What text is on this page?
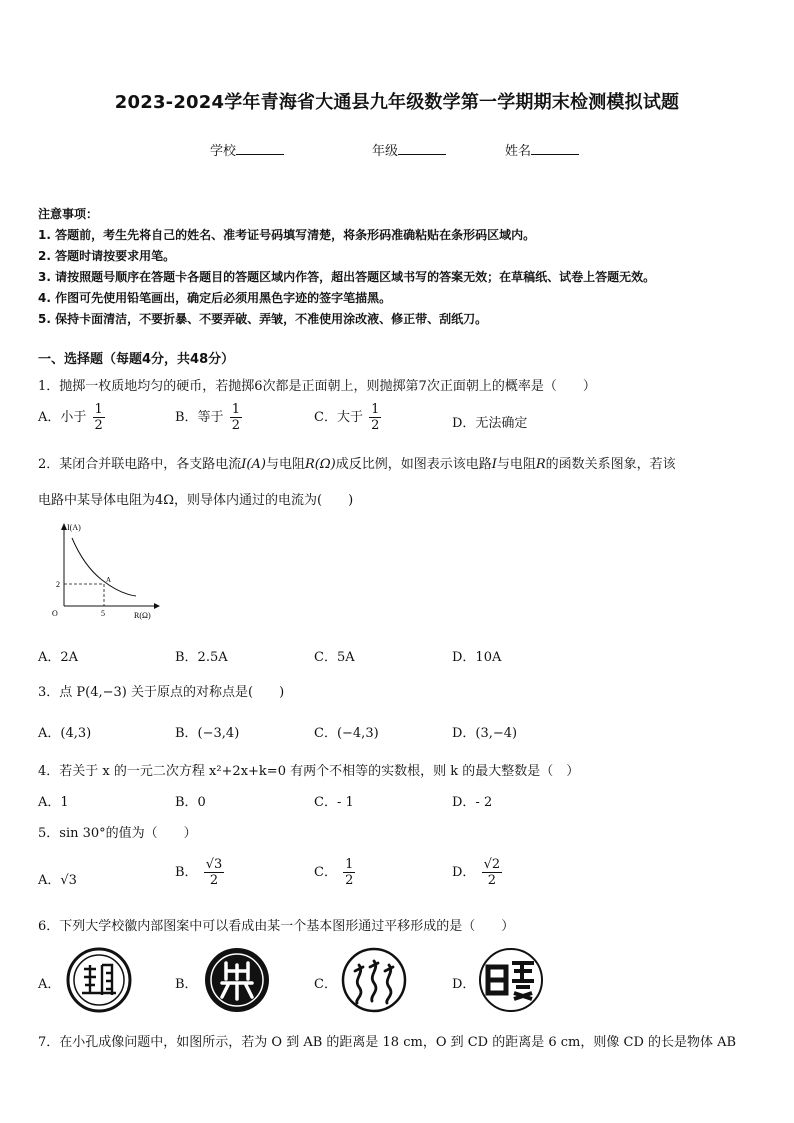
2023-2024学年青海省大通县九年级数学第一学期期末检测模拟试题
学校	年级	姓名
注意事项：
1. 答题前，考生先将自己的姓名、准考证号码填写清楚，将条形码准确粘贴在条形码区域内。
2. 答题时请按要求用笔。
3. 请按照题号顺序在答题卡各题目的答题区域内作答，超出答题区域书写的答案无效；在草稿纸、试卷上答题无效。
4. 作图可先使用铅笔画出，确定后必须用黑色字迹的签字笔描黑。
5. 保持卡面清洁，不要折暴、不要弄破、弄皱，不准使用涂改液、修正带、刮纸刀。
一、选择题（每题4分，共48分）
1．抛掷一枚质地均匀的硬币，若抛掷6次都是正面朝上，则抛掷第7次正面朝上的概率是（　　）
A．小于 $\frac{1}{2}$	B．等于 $\frac{1}{2}$	C．大于 $\frac{1}{2}$	D．无法确定
2．某闭合并联电路中，各支路电流I(A)与电阻R(Ω)成反比例，如图表示该电路I与电阻R的函数关系图象，若该
电路中某导体电阻为4Ω，则导体内通过的电流为(　　)
I(A)
R(Ω)
O
2
5
A
A．2A	B．2.5A	C．5A	D．10A
3．点 P(4,−3) 关于原点的对称点是(　　)
A．(4,3)	B．(−3,4)	C．(−4,3)	D．(3,−4)
4．若关于 x 的一元二次方程 x²+2x+k=0 有两个不相等的实数根，则 k 的最大整数是（　）
A．1	B．0	C．- 1	D．- 2
5．sin 30°的值为（　　）
A．√3
B． $\frac{√3}{2}$	C． $\frac{1}{2}$	D． $\frac{√2}{2}$
6．下列大学校徽内部图案中可以看成由某一个基本图形通过平移形成的是（　　）
A．	B．	C．	D．
7．在小孔成像问题中，如图所示，若为 O 到 AB 的距离是 18 cm，O 到 CD 的距离是 6 cm，则像 CD 的长是物体 AB
